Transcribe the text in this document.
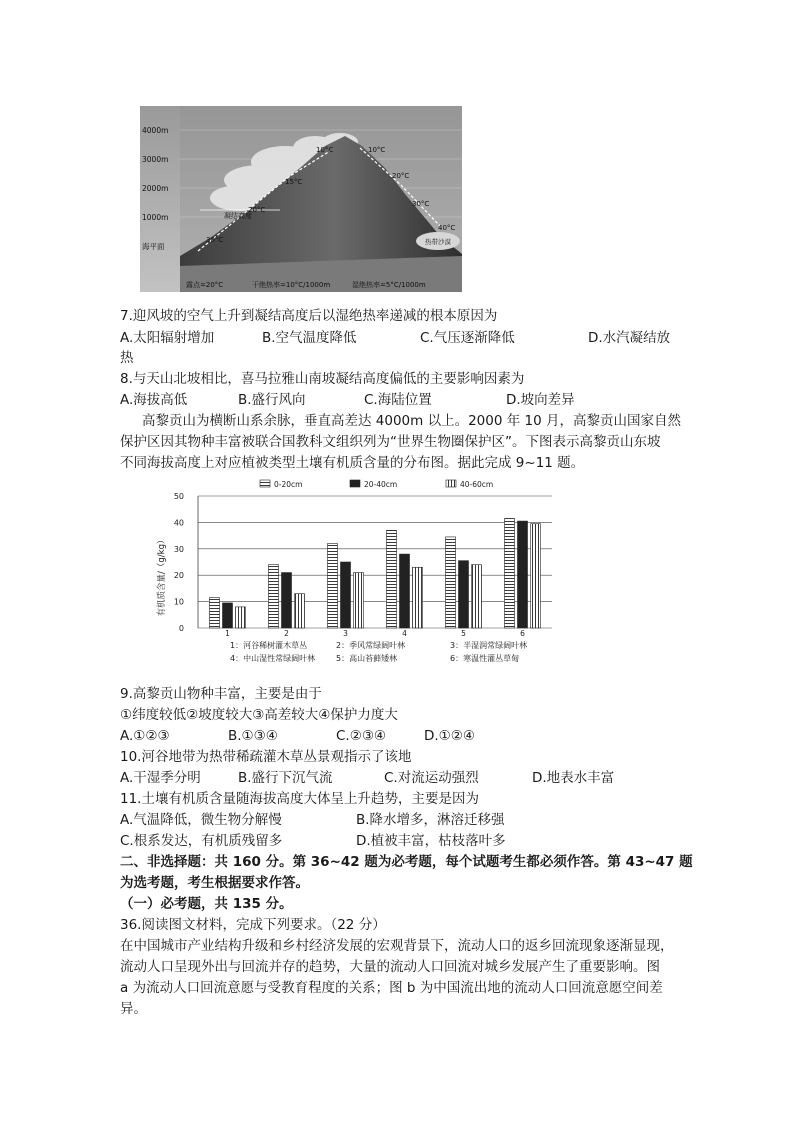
4000m
3000m
2000m
1000m
海平面
10°C
15°C
20°C
30°C
10°C
20°C
30°C
40°C
凝结高度
热带沙漠
露点=20°C	干绝热率=10°C/1000m	湿绝热率=5°C/1000m
7.迎风坡的空气上升到凝结高度后以湿绝热率递减的根本原因为
A.太阳辐射增加	B.空气温度降低	C.气压逐渐降低	D.水汽凝结放
热
8.与天山北坡相比，喜马拉雅山南坡凝结高度偏低的主要影响因素为
A.海拔高低	B.盛行风向	C.海陆位置	D.坡向差异
高黎贡山为横断山系余脉，垂直高差达 4000m 以上。2000 年 10 月，高黎贡山国家自然
保护区因其物种丰富被联合国教科文组织列为“世界生物圈保护区”。下图表示高黎贡山东坡
不同海拔高度上对应植被类型土壤有机质含量的分布图。据此完成 9~11 题。
0-20cm	20-40cm	40-60cm
有机质含量/（g/kg）
0
10
20
30
40
50
1	2	3	4	5	6
1：河谷稀树灌木草丛	2：季风常绿阔叶林	3：半湿润常绿阔叶林
4：中山湿性常绿阔叶林	5：高山苔藓矮林	6：寒温性灌丛草甸
9.高黎贡山物种丰富，主要是由于
①纬度较低②坡度较大③高差较大④保护力度大
A.①②③	B.①③④	C.②③④	D.①②④
10.河谷地带为热带稀疏灌木草丛景观指示了该地
A.干湿季分明	B.盛行下沉气流	C.对流运动强烈	D.地表水丰富
11.土壤有机质含量随海拔高度大体呈上升趋势，主要是因为
A.气温降低，微生物分解慢	B.降水增多，淋溶迁移强
C.根系发达，有机质残留多	D.植被丰富，枯枝落叶多
二、非选择题：共 160 分。第 36~42 题为必考题，每个试题考生都必须作答。第 43~47 题
为选考题，考生根据要求作答。
（一）必考题，共 135 分。
36.阅读图文材料，完成下列要求。（22 分）
在中国城市产业结构升级和乡村经济发展的宏观背景下，流动人口的返乡回流现象逐渐显现，
流动人口呈现外出与回流并存的趋势，大量的流动人口回流对城乡发展产生了重要影响。图
a 为流动人口回流意愿与受教育程度的关系；图 b 为中国流出地的流动人口回流意愿空间差
异。
